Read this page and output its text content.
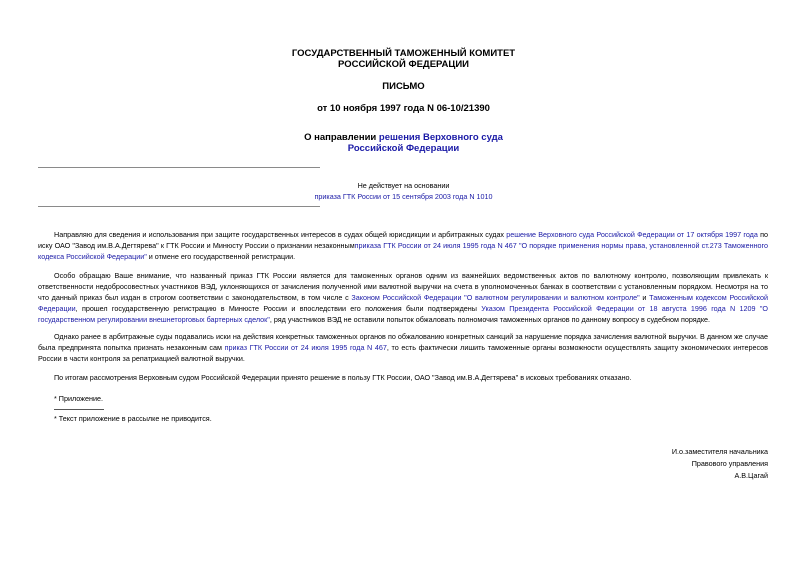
ГОСУДАРСТВЕННЫЙ ТАМОЖЕННЫЙ КОМИТЕТ
РОССИЙСКОЙ ФЕДЕРАЦИИ
ПИСЬМО
от 10 ноября 1997 года N 06-10/21390
О направлении решения Верховного суда
Российской Федерации
Не действует на основании
приказа ГТК России от 15 сентября 2003 года N 1010

Направляю для сведения и использования при защите государственных интересов в судах общей юрисдикции и арбитражных судах решение Верховного суда Российской Федерации от 17 октября 1997 года по иску ОАО "Завод им.В.А.Дегтярева" к ГТК России и Минюсту России о признании незаконнымприказа ГТК России от 24 июля 1995 года N 467 "О порядке применения нормы права, установленной ст.273 Таможенного кодекса Российской Федерации" и отмене его государственной регистрации.

Особо обращаю Ваше внимание, что названный приказ ГТК России является для таможенных органов одним из важнейших ведомственных актов по валютному контролю, позволяющим привлекать к ответственности недобросовестных участников ВЭД, уклоняющихся от зачисления полученной ими валютной выручки на счета в уполномоченных банках в соответствии с установленным порядком. Несмотря на то что данный приказ был издан в строгом соответствии с законодательством, в том числе с Законом Российской Федерации "О валютном регулировании и валютном контроле" и Таможенным кодексом Российской Федерации, прошел государственную регистрацию в Минюсте России и впоследствии его положения были подтверждены Указом Президента Российской Федерации от 18 августа 1996 года N 1209 "О государственном регулировании внешнеторговых бартерных сделок", ряд участников ВЭД не оставили попыток обжаловать полномочия таможенных органов по данному вопросу в судебном порядке.

Однако ранее в арбитражные суды подавались иски на действия конкретных таможенных органов по обжалованию конкретных санкций за нарушение порядка зачисления валютной выручки. В данном же случае была предпринята попытка признать незаконным сам приказ ГТК России от 24 июля 1995 года N 467, то есть фактически лишить таможенные органы возможности осуществлять защиту экономических интересов России в части контроля за репатриацией валютной выручки.

По итогам рассмотрения Верховным судом Российской Федерации принято решение в пользу ГТК России, ОАО "Завод им.В.А.Дегтярева" в исковых требованиях отказано.

* Приложение.

* Текст приложение в рассылке не приводится.
И.о.заместителя начальника
Правового управления
А.В.Цагай
